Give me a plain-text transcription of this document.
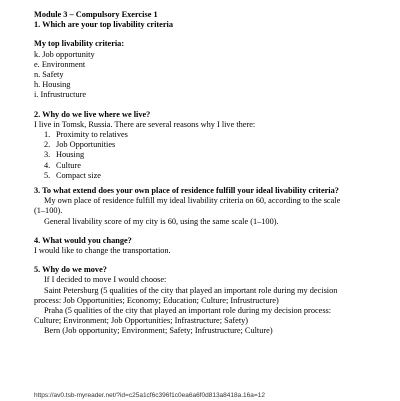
Module 3 – Compulsory Exercise 1
1. Which are your top livability criteria
My top livability criteria:
k. Job opportunity
e. Environment
n. Safety
h. Housing
i. Infrustructure
2. Why do we live where we live?
I live in Tomsk, Russia. There are several reasons why I live there:
1. Proximity to relatives
2. Job Opportunities
3. Housing
4. Culture
5. Compact size
3. To what extend does your own place of residence fulfill your ideal livability criteria?
My own place of residence fulfill my ideal livability criteria on 60, according to the scale
(1–100).
General livability score of my city is 60, using the same scale (1–100).
4. What would you change?
I would like to change the transportation.
5. Why do we move?
If I decided to move I would choose:
Saint Petersburg (5 qualities of the city that played an important role during my decision
process: Job Opportunities; Economy; Education; Culture; Infrustructure)
Praha (5 qualities of the city that played an important role during my decision process:
Culture; Environment; Job Opportunities; Infrastructure; Safety)
Bern (Job opportunity; Environment; Safety; Infrustructure; Culture)
https://av0.tsb-myreader.net/?id=c25a1cf6c396f1c0ea6a6f0d813a8418a.16a=12
